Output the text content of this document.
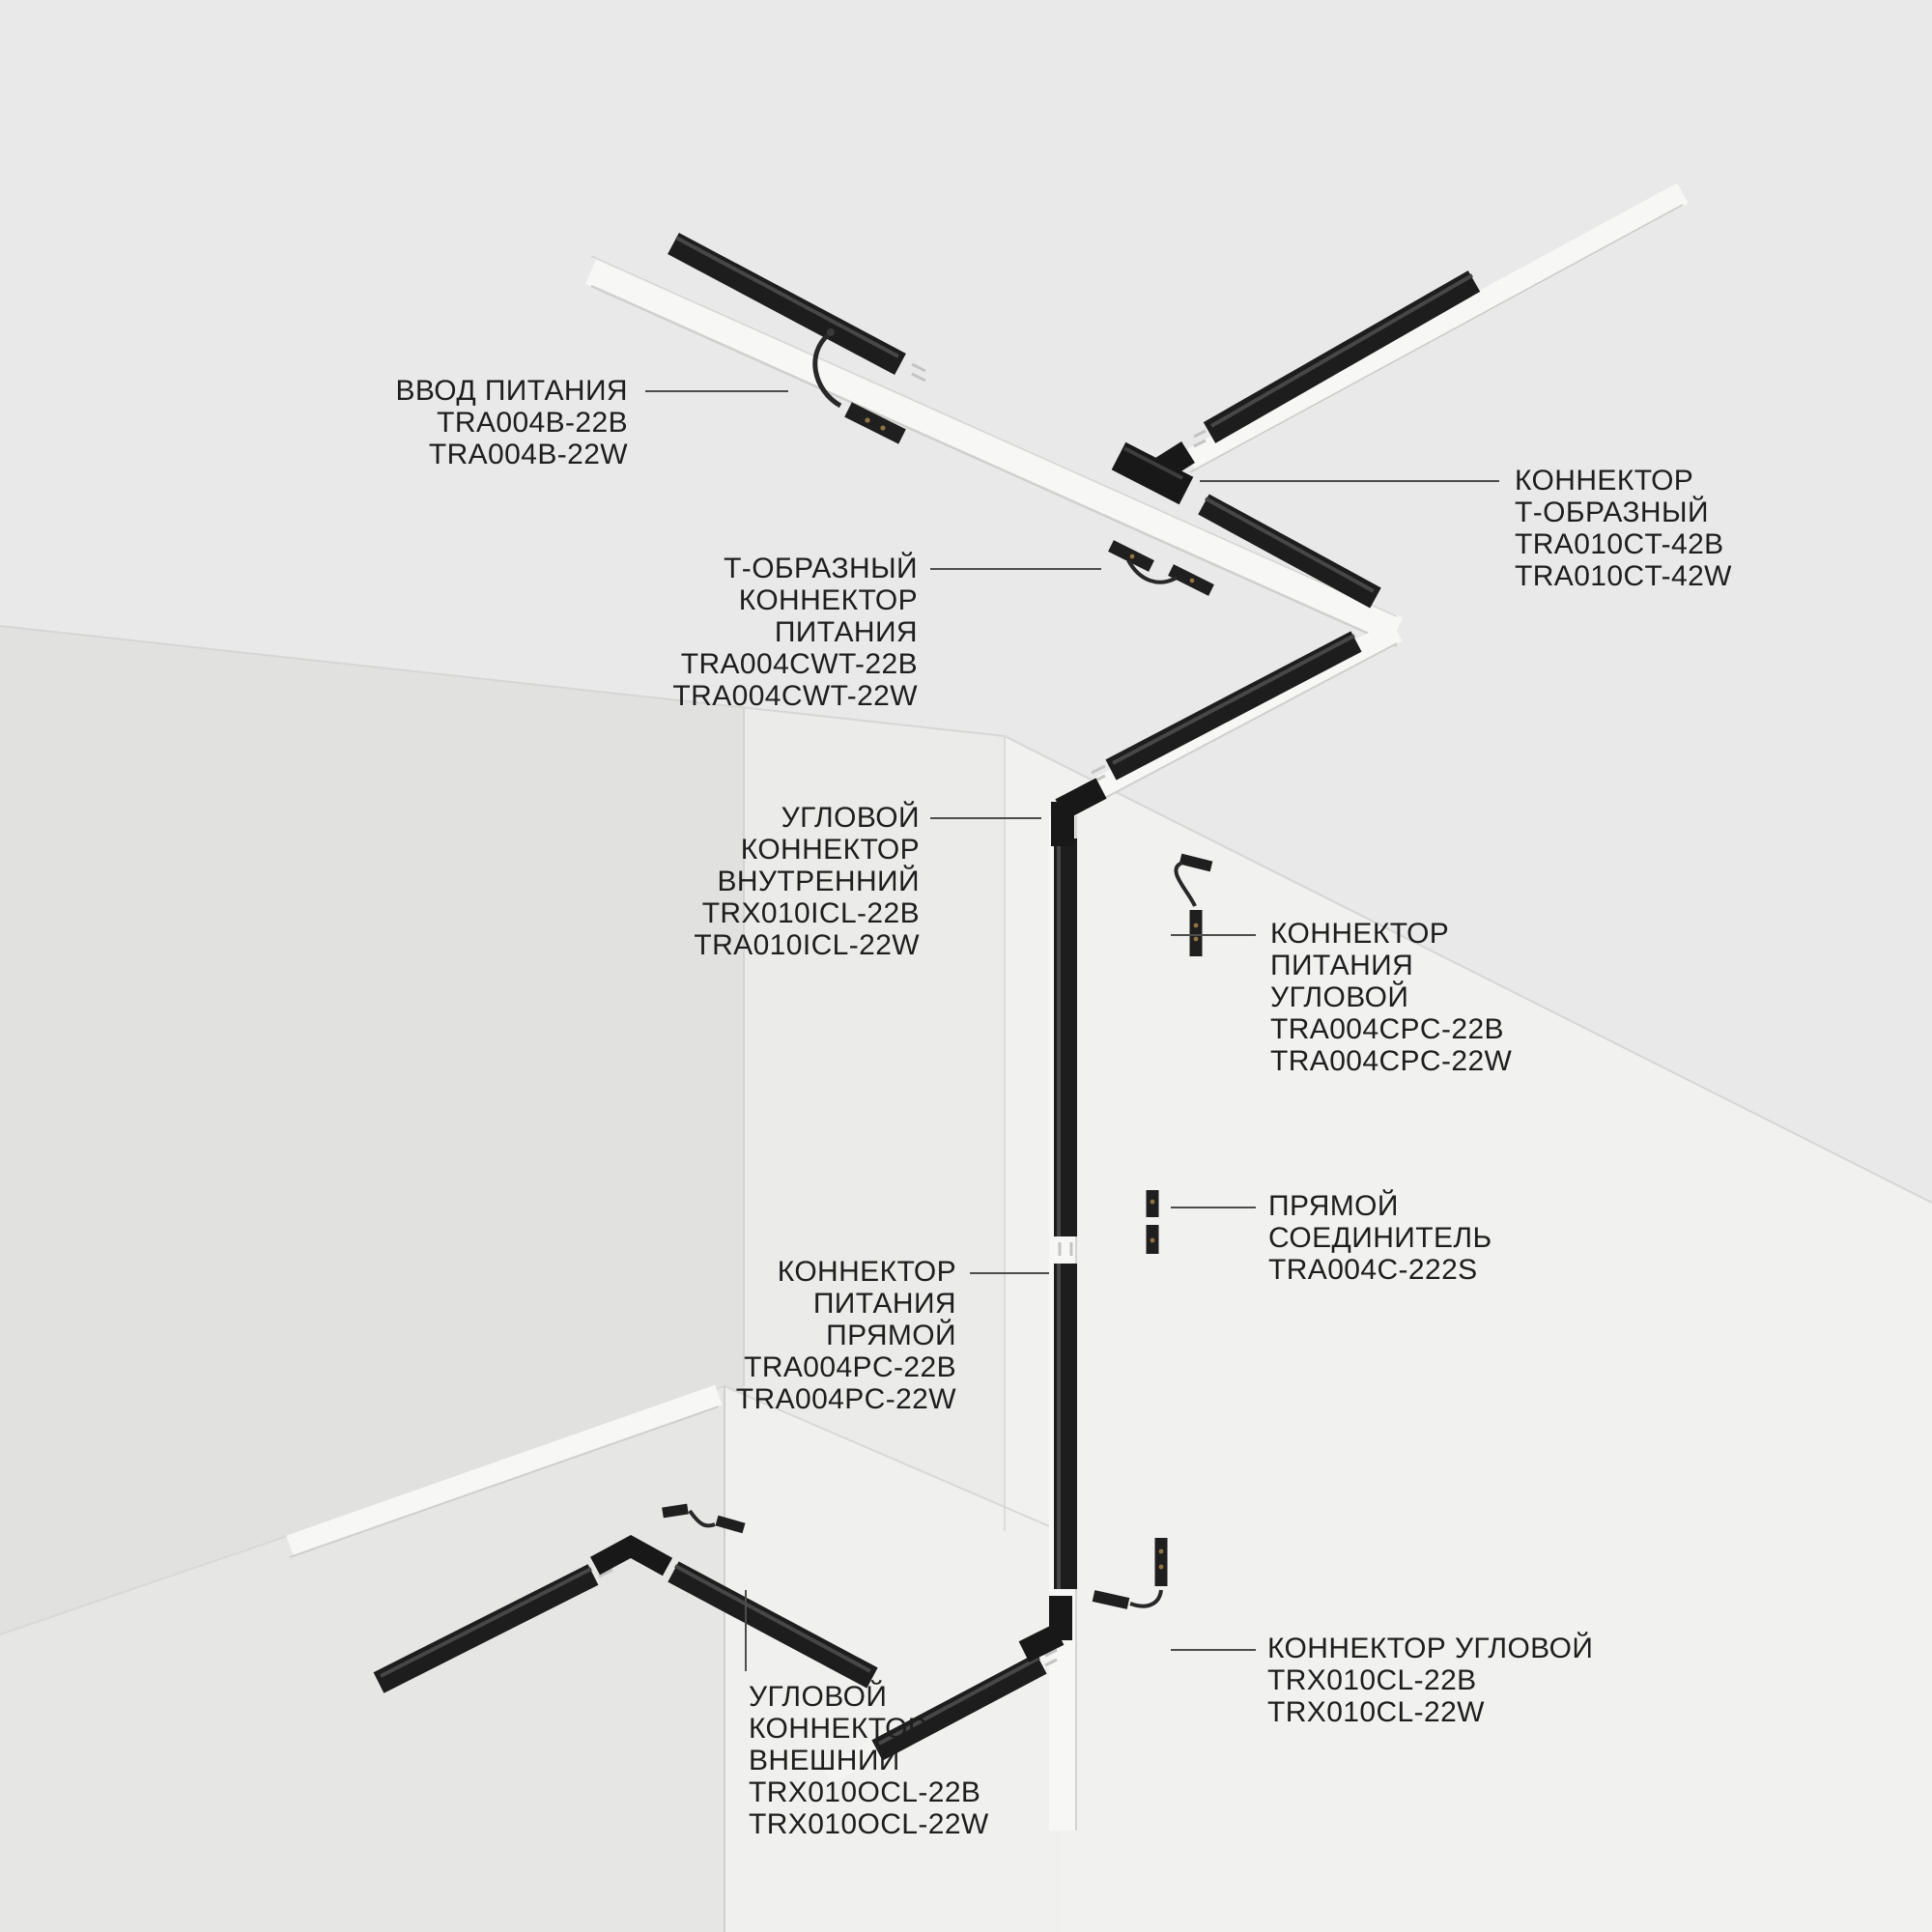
ВВОД ПИТАНИЯ
TRA004B-22B
TRA004B-22W
Т-ОБРАЗНЫЙ
КОННЕКТОР
ПИТАНИЯ
TRA004CWT-22B
TRA004CWT-22W
УГЛОВОЙ
КОННЕКТОР
ВНУТРЕННИЙ
TRX010ICL-22B
TRA010ICL-22W
КОННЕКТОР
Т-ОБРАЗНЫЙ
TRA010CT-42B
TRA010CT-42W
КОННЕКТОР
ПИТАНИЯ
УГЛОВОЙ
TRA004CPC-22B
TRA004CPC-22W
ПРЯМОЙ
СОЕДИНИТЕЛЬ
TRA004C-222S
КОННЕКТОР
ПИТАНИЯ
ПРЯМОЙ
TRA004PC-22B
TRA004PC-22W
КОННЕКТОР УГЛОВОЙ
TRX010CL-22B
TRX010CL-22W
УГЛОВОЙ
КОННЕКТОР
ВНЕШНИЙ
TRX010OCL-22B
TRX010OCL-22W
